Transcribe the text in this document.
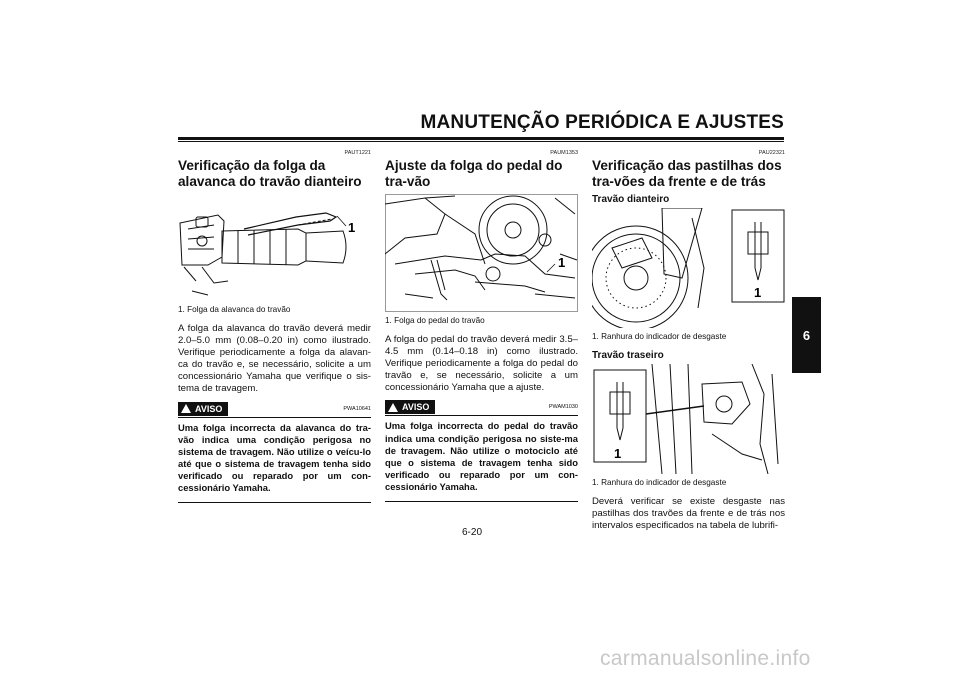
MANUTENÇÃO PERIÓDICA E AJUSTES
PAUT1221
Verificação da folga da alavanca do travão dianteiro
1
1. Folga da alavanca do travão
A folga da alavanca do travão deverá medir 2.0–5.0 mm (0.08–0.20 in) como ilustrado. Verifique periodicamente a folga da alavan-ca do travão e, se necessário, solicite a um concessionário Yamaha que verifique o sis-tema de travagem.
AVISO	PWA10641
Uma folga incorrecta da alavanca do tra-vão indica uma condição perigosa no sistema de travagem. Não utilize o veícu-lo até que o sistema de travagem tenha sido verificado ou reparado por um con-cessionário Yamaha.
PAUM1353
Ajuste da folga do pedal do tra-vão
1
1. Folga do pedal do travão
A folga do pedal do travão deverá medir 3.5–4.5 mm (0.14–0.18 in) como ilustrado. Verifique periodicamente a folga do pedal do travão e, se necessário, solicite a um concessionário Yamaha que a ajuste.
AVISO	PWAM1030
Uma folga incorrecta do pedal do travão indica uma condição perigosa no siste-ma de travagem. Não utilize o motociclo até que o sistema de travagem tenha sido verificado ou reparado por um con-cessionário Yamaha.
PAU22321
Verificação das pastilhas dos tra-vões da frente e de trás
Travão dianteiro
1
1. Ranhura do indicador de desgaste
Travão traseiro
1
1. Ranhura do indicador de desgaste
Deverá verificar se existe desgaste nas pastilhas dos travões da frente e de trás nos intervalos especificados na tabela de lubrifi-
6
6-20
carmanualsonline.info
